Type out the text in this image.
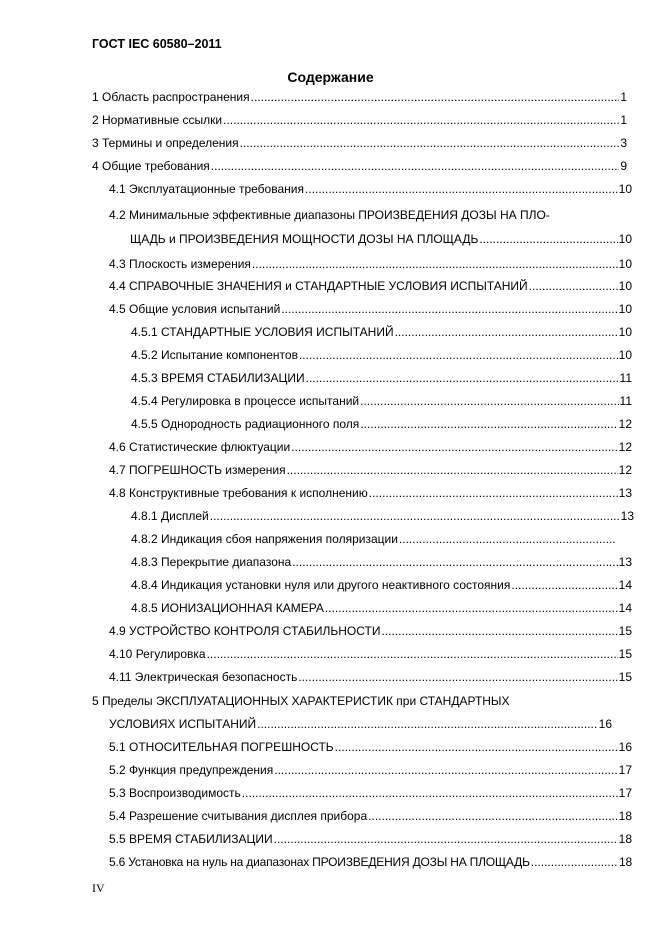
ГОСТ IEC 60580–2011
Содержание
1 Область распространения .....	1
2 Нормативные ссылки .....	1
3 Термины и определения .....	3
4 Общие требования .....	9
4.1 Эксплуатационные требования .....	10
4.2 Минимальные эффективные диапазоны ПРОИЗВЕДЕНИЯ ДОЗЫ НА ПЛО-
ЩАДЬ и ПРОИЗВЕДЕНИЯ МОЩНОСТИ ДОЗЫ НА ПЛОЩАДЬ .....	10
4.3 Плоскость измерения .....	10
4.4 СПРАВОЧНЫЕ ЗНАЧЕНИЯ и СТАНДАРТНЫЕ УСЛОВИЯ ИСПЫТАНИЙ .....	10
4.5 Общие условия испытаний .....	10
4.5.1 СТАНДАРТНЫЕ УСЛОВИЯ ИСПЫТАНИЙ .....	10
4.5.2 Испытание компонентов .....	10
4.5.3 ВРЕМЯ СТАБИЛИЗАЦИИ .....	11
4.5.4 Регулировка в процессе испытаний .....	11
4.5.5 Однородность радиационного поля .....	12
4.6 Статистические флюктуации .....	12
4.7 ПОГРЕШНОСТЬ измерения .....	12
4.8 Конструктивные требования к исполнению .....	13
4.8.1 Дисплей .....	13
4.8.2 Индикация сбоя напряжения поляризации
.....
4.8.3 Перекрытие диапазона .....	13
4.8.4 Индикация установки нуля или другого неактивного состояния .....	14
4.8.5 ИОНИЗАЦИОННАЯ КАМЕРА .....	14
4.9 УСТРОЙСТВО КОНТРОЛЯ СТАБИЛЬНОСТИ .....	15
4.10 Регулировка .....	15
4.11 Электрическая безопасность .....	15
5 Пределы ЭКСПЛУАТАЦИОННЫХ ХАРАКТЕРИСТИК при СТАНДАРТНЫХ
УСЛОВИЯХ ИСПЫТАНИЙ .....	16
5.1 ОТНОСИТЕЛЬНАЯ ПОГРЕШНОСТЬ .....	16
5.2 Функция предупреждения .....	17
5.3 Воспроизводимость .....	17
5.4 Разрешение считывания дисплея прибора .....	18
5.5 ВРЕМЯ СТАБИЛИЗАЦИИ .....	18
5.6 Установка на нуль на диапазонах ПРОИЗВЕДЕНИЯ ДОЗЫ НА ПЛОЩАДЬ .....	18
IV
